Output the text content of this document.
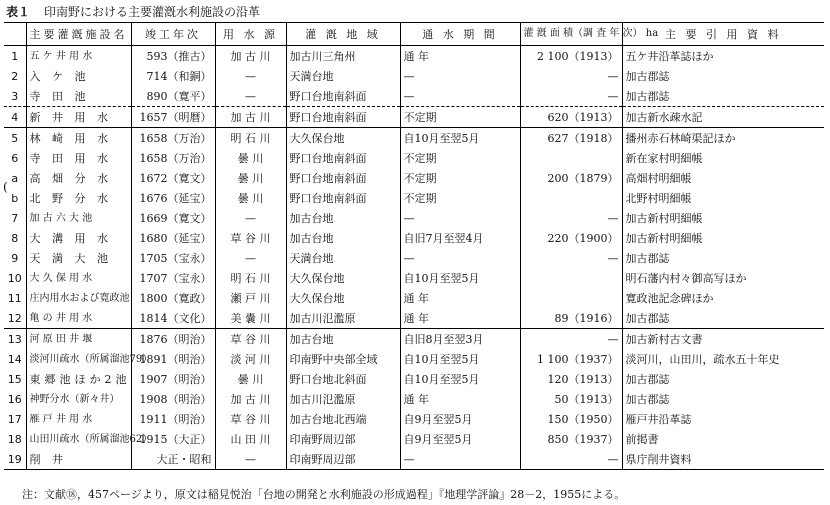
表１ 印南野における主要灌漑水利施設の沿革
(
	主要灌漑施設名	竣工年次	用 水 源	灌 漑 地 域	通 水 期 間	灌 漑 面 積（調 査 年 次） ha	主 要 引 用 資 料
1	五 ケ 井 用 水	593（推古）	加 古 川	加古川三角州	通 年	2 100（1913）	五ケ井沿革誌ほか
2	入 ケ 池	714（和銅）	—	天満台地	—	—	加古郡誌
3	寺 田 池	890（寛平）	—	野口台地南斜面	—	—	加古郡誌
4	新 井 用 水	1657（明暦）	加 古 川	野口台地南斜面	不定期	620（1913）	加古新水疎水記
5	林 崎 用 水	1658（万治）	明 石 川	大久保台地	自10月至翌5月	627（1918）	播州赤石林崎渠記ほか
6	寺 田 用 水	1658（万治）	曇 川	野口台地南斜面	不定期		新在家村明細帳
a	高 畑 分 水	1672（寛文）	曇 川	野口台地南斜面	不定期	200（1879）	高畑村明細帳
b	北 野 分 水	1676（延宝）	曇 川	野口台地南斜面	不定期		北野村明細帳
7	加 古 六 大 池	1669（寛文）	—	加古台地	—	—	加古新村明細帳
8	大 溝 用 水	1680（延宝）	草 谷 川	加古台地	自旧7月至翌4月	220（1900）	加古新村明細帳
9	天 満 大 池	1705（宝永）	—	天満台地	—	—	加古郡誌
10	大 久 保 用 水	1707（宝永）	明 石 川	大久保台地	自10月至翌5月		明石藩内村々御高写ほか
11	庄内用水および寛政池	1800（寛政）	瀬 戸 川	大久保台地	通 年		寛政池記念碑ほか
12	亀 の 井 用 水	1814（文化）	美 嚢 川	加古川氾濫原	通 年	89（1916）	加古郡誌
13	河 原 田 井 堰	1876（明治）	草 谷 川	加古台地	自旧8月至翌3月	—	加古新村古文書
14	淡河川疏水（所属溜池79）	1891（明治）	淡 河 川	印南野中央部全域	自10月至翌5月	1 100（1937）	淡河川，山田川，疏水五十年史
15	東郷池ほか2池	1907（明治）	曇 川	野口台地北斜面	自10月至翌5月	120（1913）	加古郡誌
16	神野分水（新々井）	1908（明治）	加 古 川	加古川氾濫原	通 年	50（1913）	加古郡誌
17	雁 戸 井 用 水	1911（明治）	草 谷 川	加古台地北西端	自9月至翌5月	150（1950）	雁戸井沿革誌
18	山田川疏水（所属溜池62）	1915（大正）	山 田 川	印南野周辺部	自9月至翌5月	850（1937）	前掲書
19	削 井	大正・昭和	—	印南野周辺部	—	—	県庁削井資料
注：文献⑱，457ページより，原文は稲見悦治「台地の開発と水利施設の形成過程」『地理学評論』28－2，1955による。
